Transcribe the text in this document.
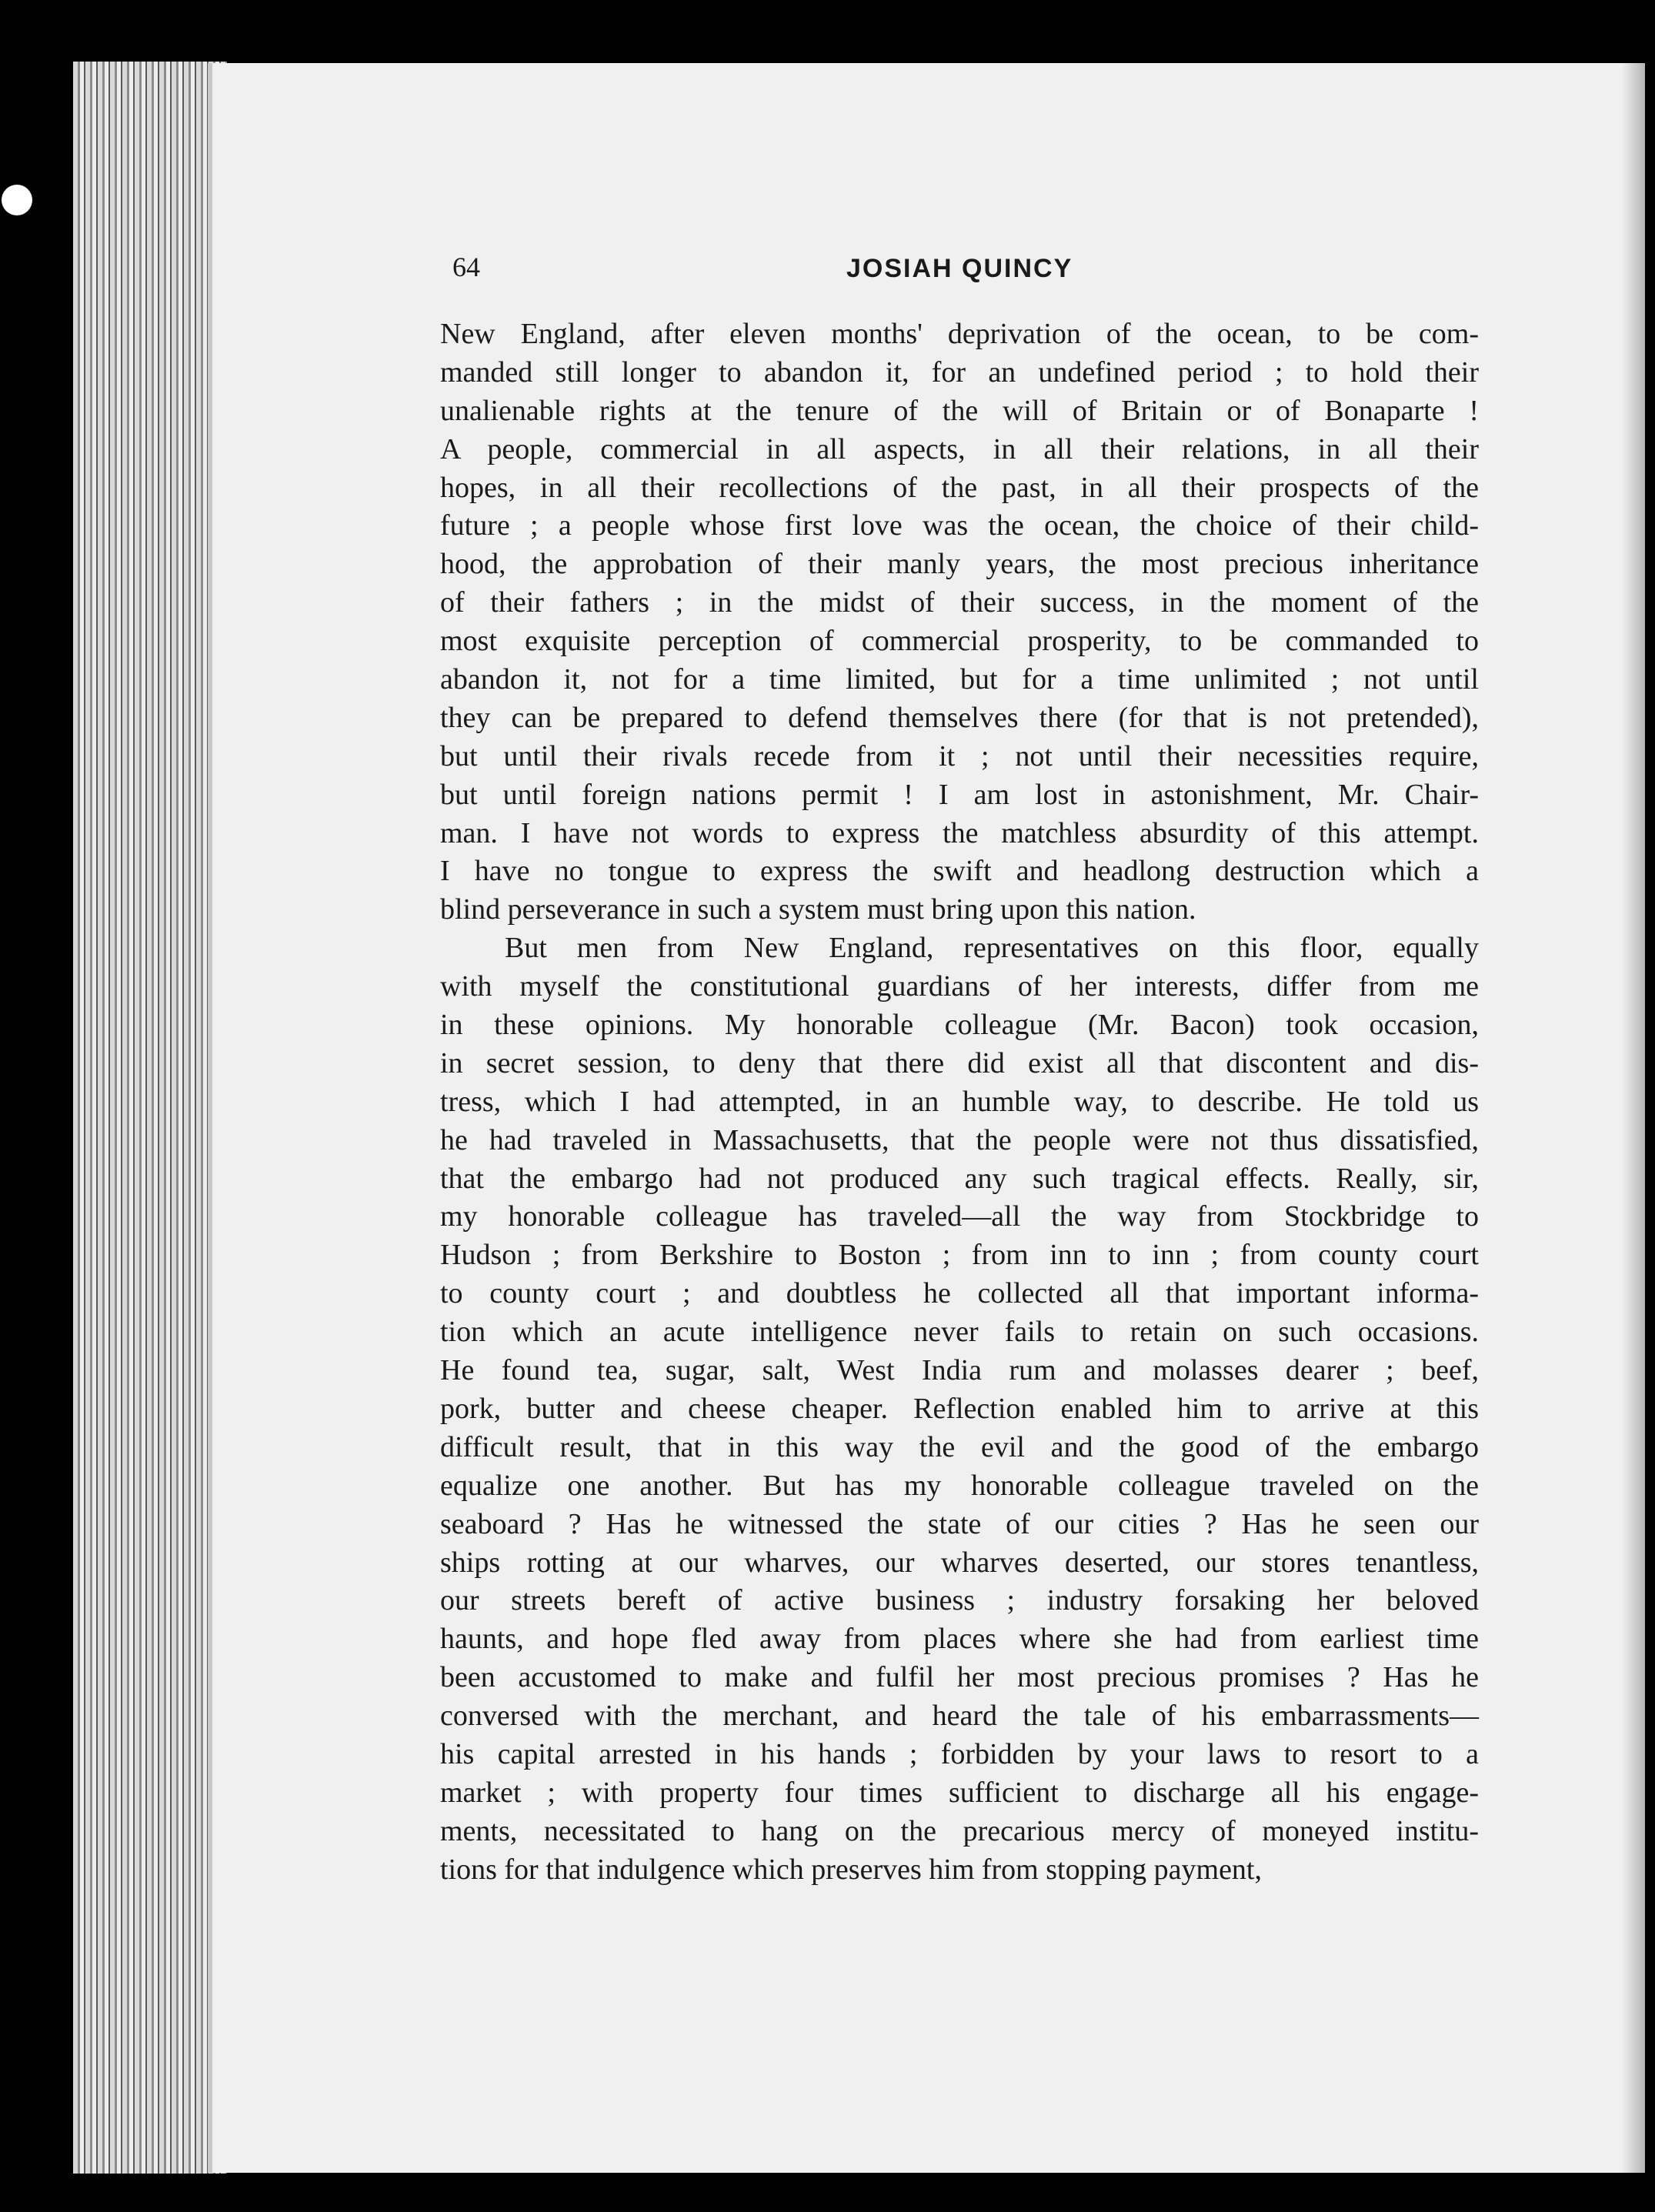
64	JOSIAH QUINCY
New England, after eleven months' deprivation of the ocean, to be com-
manded still longer to abandon it, for an undefined period ; to hold their
unalienable rights at the tenure of the will of Britain or of Bonaparte !
A people, commercial in all aspects, in all their relations, in all their
hopes, in all their recollections of the past, in all their prospects of the
future ; a people whose first love was the ocean, the choice of their child-
hood, the approbation of their manly years, the most precious inheritance
of their fathers ; in the midst of their success, in the moment of the
most exquisite perception of commercial prosperity, to be commanded to
abandon it, not for a time limited, but for a time unlimited ; not until
they can be prepared to defend themselves there (for that is not pretended),
but until their rivals recede from it ; not until their necessities require,
but until foreign nations permit ! I am lost in astonishment, Mr. Chair-
man. I have not words to express the matchless absurdity of this attempt.
I have no tongue to express the swift and headlong destruction which a
blind perseverance in such a system must bring upon this nation.
But men from New England, representatives on this floor, equally
with myself the constitutional guardians of her interests, differ from me
in these opinions. My honorable colleague (Mr. Bacon) took occasion,
in secret session, to deny that there did exist all that discontent and dis-
tress, which I had attempted, in an humble way, to describe. He told us
he had traveled in Massachusetts, that the people were not thus dissatisfied,
that the embargo had not produced any such tragical effects. Really, sir,
my honorable colleague has traveled—all the way from Stockbridge to
Hudson ; from Berkshire to Boston ; from inn to inn ; from county court
to county court ; and doubtless he collected all that important informa-
tion which an acute intelligence never fails to retain on such occasions.
He found tea, sugar, salt, West India rum and molasses dearer ; beef,
pork, butter and cheese cheaper. Reflection enabled him to arrive at this
difficult result, that in this way the evil and the good of the embargo
equalize one another. But has my honorable colleague traveled on the
seaboard ? Has he witnessed the state of our cities ? Has he seen our
ships rotting at our wharves, our wharves deserted, our stores tenantless,
our streets bereft of active business ; industry forsaking her beloved
haunts, and hope fled away from places where she had from earliest time
been accustomed to make and fulfil her most precious promises ? Has he
conversed with the merchant, and heard the tale of his embarrassments—
his capital arrested in his hands ; forbidden by your laws to resort to a
market ; with property four times sufficient to discharge all his engage-
ments, necessitated to hang on the precarious mercy of moneyed institu-
tions for that indulgence which preserves him from stopping payment,
